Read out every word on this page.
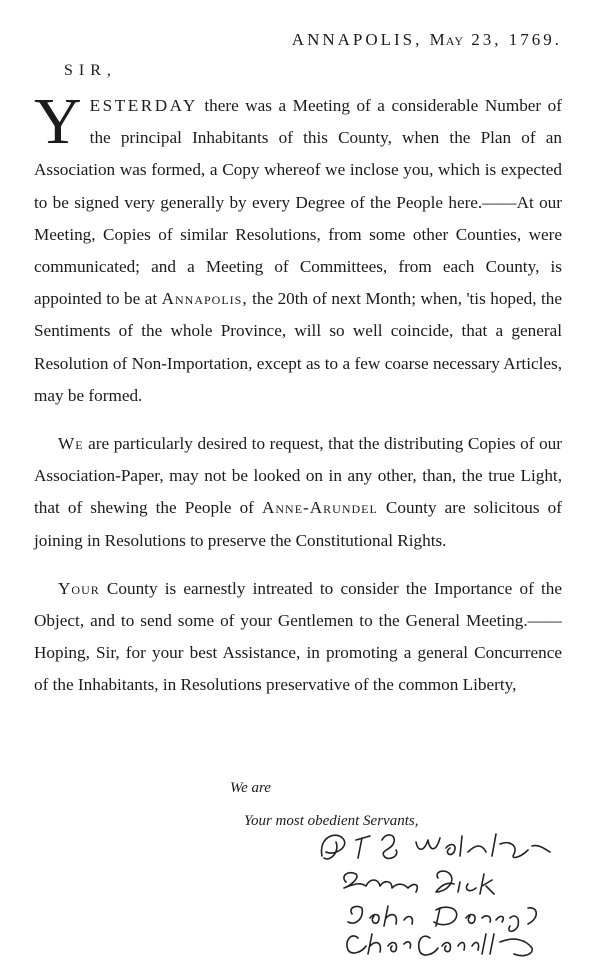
ANNAPOLIS, May 23, 1769.
SIR,

YESTERDAY there was a Meeting of a considerable Number of the principal Inhabitants of this County, when the Plan of an Association was formed, a Copy whereof we inclose you, which is expected to be signed very generally by every Degree of the People here.——At our Meeting, Copies of similar Resolutions, from some other Counties, were communicated; and a Meeting of Committees, from each County, is appointed to be at Annapolis, the 20th of next Month; when, 'tis hoped, the Sentiments of the whole Province, will so well coincide, that a general Resolution of Non-Importation, except as to a few coarse necessary Articles, may be formed.

We are particularly desired to request, that the distributing Copies of our Association-Paper, may not be looked on in any other, than, the true Light, that of shewing the People of Anne-Arundel County are solicitous of joining in Resolutions to preserve the Constitutional Rights.

Your County is earnestly intreated to consider the Importance of the Object, and to send some of your Gentlemen to the General Meeting.——Hoping, Sir, for your best Assistance, in promoting a general Concurrence of the Inhabitants, in Resolutions preservative of the common Liberty,

We are
Your most obedient Servants,
